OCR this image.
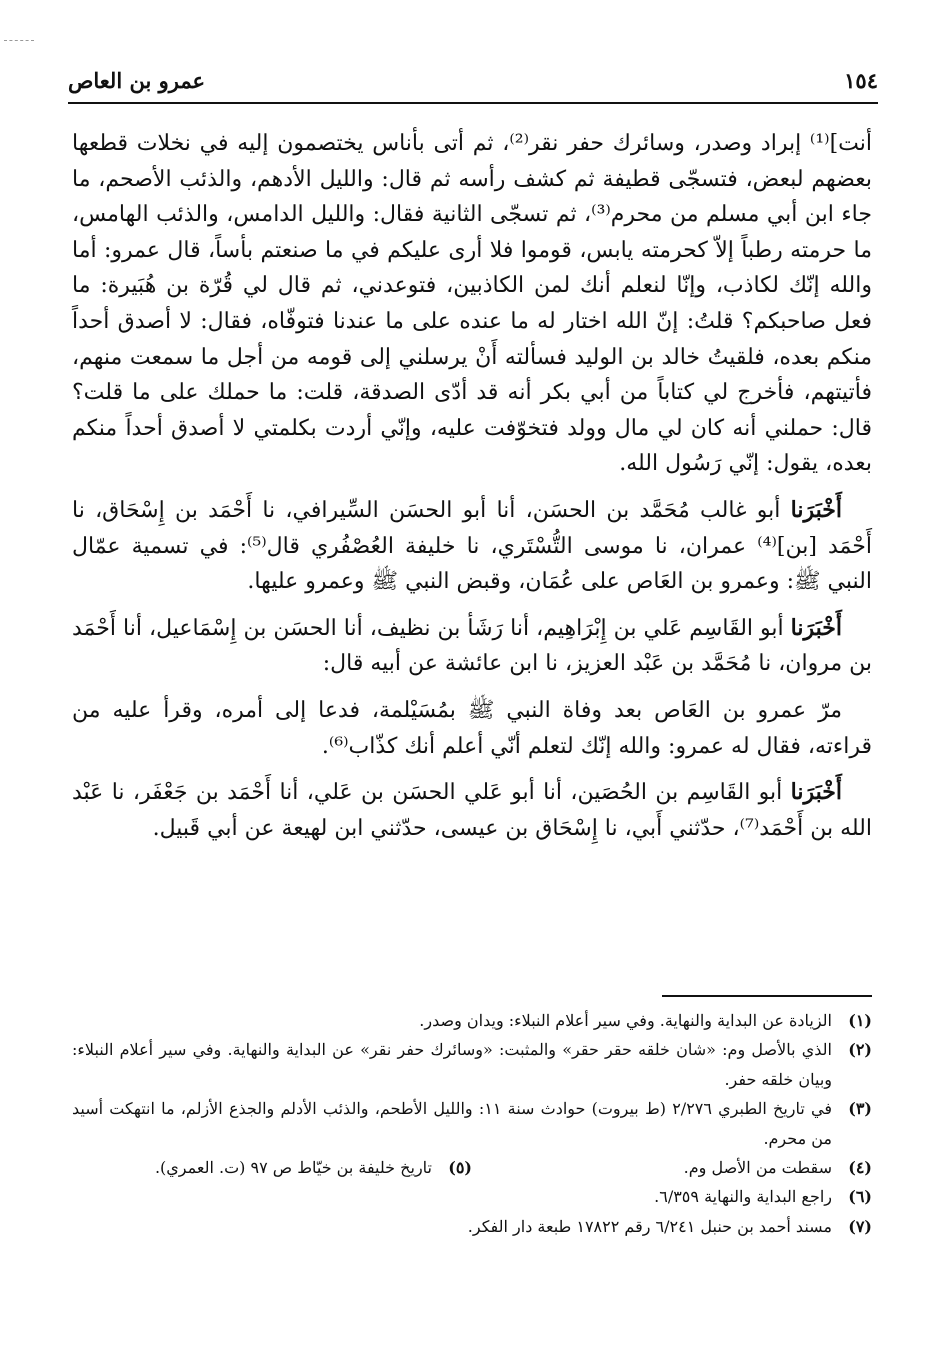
١٥٤
عمرو بن العاص

أنت]⁽¹⁾ إبراد وصدر، وسائرك حفر نقر⁽²⁾، ثم أتى بأناس يختصمون إليه في نخلات قطعها بعضهم لبعض، فتسجّى قطيفة ثم كشف رأسه ثم قال: والليل الأدهم، والذئب الأصحم، ما جاء ابن أبي مسلم من محرم⁽³⁾، ثم تسجّى الثانية فقال: والليل الدامس، والذئب الهامس، ما حرمته رطباً إلاّ كحرمته يابس، قوموا فلا أرى عليكم في ما صنعتم بأساً، قال عمرو: أما والله إنّك لكاذب، وإنّا لنعلم أنك لمن الكاذبين، فتوعدني، ثم قال لي قُرّة بن هُبَيرة: ما فعل صاحبكم؟ قلتُ: إنّ الله اختار له ما عنده على ما عندنا فتوفّاه، فقال: لا أصدق أحداً منكم بعده، فلقيتُ خالد بن الوليد فسألته أَنْ يرسلني إلى قومه من أجل ما سمعت منهم، فأتيتهم، فأخرج لي كتاباً من أبي بكر أنه قد أدّى الصدقة، قلت: ما حملك على ما قلت؟ قال: حملني أنه كان لي مال وولد فتخوّفت عليه، وإنّي أردت بكلمتي لا أصدق أحداً منكم بعده، يقول: إنّي رَسُول الله.

أَخْبَرَنا أبو غالب مُحَمَّد بن الحسَن، أنا أبو الحسَن السِّيرافي، نا أَحْمَد بن إِسْحَاق، نا أَحْمَد [بن]⁽⁴⁾ عمران، نا موسى التُّسْتَري، نا خليفة العُصْفُري قال⁽⁵⁾: في تسمية عمّال النبي ﷺ: وعمرو بن العَاص على عُمَان، وقبض النبي ﷺ وعمرو عليها.

أَخْبَرَنا أبو القَاسِم عَلي بن إِبْرَاهِيم، أنا رَشَأ بن نظيف، أنا الحسَن بن إِسْمَاعيل، أنا أَحْمَد بن مروان، نا مُحَمَّد بن عَبْد العزيز، نا ابن عائشة عن أبيه قال:

مرّ عمرو بن العَاص بعد وفاة النبي ﷺ بمُسَيْلمة، فدعا إلى أمره، وقرأ عليه من قراءته، فقال له عمرو: والله إنّك لتعلم أنّي أعلم أنك كذّاب⁽⁶⁾.

أَخْبَرَنا أبو القَاسِم بن الحُصَين، أنا أبو عَلي الحسَن بن عَلي، أنا أَحْمَد بن جَعْفَر، نا عَبْد الله بن أَحْمَد⁽⁷⁾، حدّثني أَبي، نا إِسْحَاق بن عيسى، حدّثني ابن لهيعة عن أبي قَبيل.

(١)
الزيادة عن البداية والنهاية. وفي سير أعلام النبلاء: ويدان وصدر.
(٢)
الذي بالأصل وم: «شان خلقه حقر حقر» والمثبت: «وسائرك حفر نقر» عن البداية والنهاية. وفي سير أعلام النبلاء: وبيان خلقه حفر.
(٣)
في تاريخ الطبري ٢/٢٧٦ (ط بيروت) حوادث سنة ١١: والليل الأطحم، والذئب الأدلم والجذع الأزلم، ما انتهكت أسيد من محرم.
(٤)
سقطت من الأصل وم.
(٥)
تاريخ خليفة بن خيّاط ص ٩٧ (ت. العمري).
(٦)
راجع البداية والنهاية ٦/٣٥٩.
(٧)
مسند أحمد بن حنبل ٦/٢٤١ رقم ١٧٨٢٢ طبعة دار الفكر.
